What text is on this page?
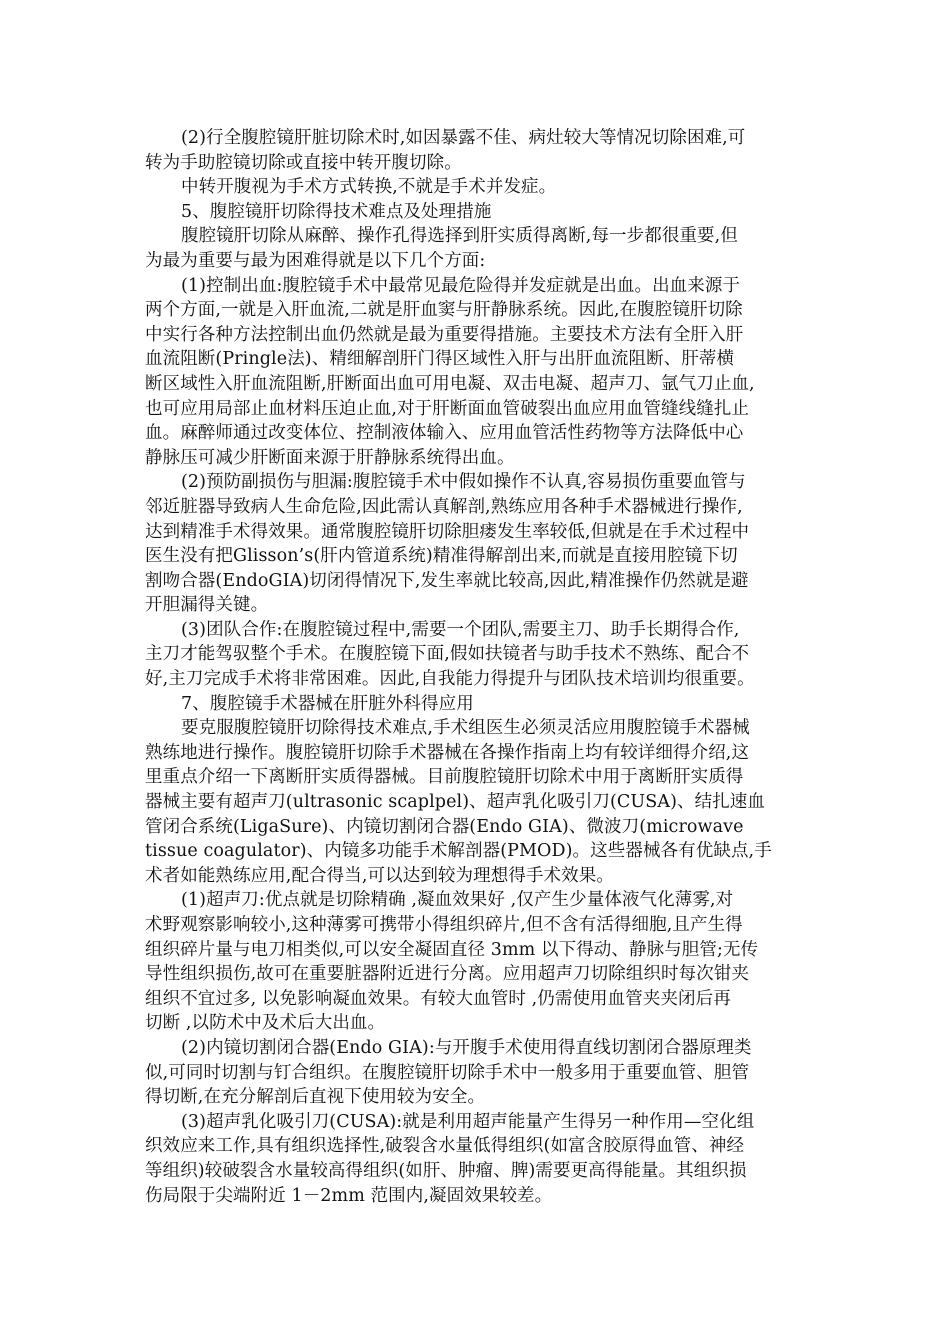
(2)行全腹腔镜肝脏切除术时,如因暴露不佳、病灶较大等情况切除困难,可
转为手助腔镜切除或直接中转开腹切除。
中转开腹视为手术方式转换,不就是手术并发症。
5、腹腔镜肝切除得技术难点及处理措施
腹腔镜肝切除从麻醉、操作孔得选择到肝实质得离断,每一步都很重要,但
为最为重要与最为困难得就是以下几个方面:
(1)控制出血:腹腔镜手术中最常见最危险得并发症就是出血。出血来源于
两个方面,一就是入肝血流,二就是肝血窦与肝静脉系统。因此,在腹腔镜肝切除
中实行各种方法控制出血仍然就是最为重要得措施。主要技术方法有全肝入肝
血流阻断(Pringle法)、精细解剖肝门得区域性入肝与出肝血流阻断、肝蒂横
断区域性入肝血流阻断,肝断面出血可用电凝、双击电凝、超声刀、氩气刀止血,
也可应用局部止血材料压迫止血,对于肝断面血管破裂出血应用血管缝线缝扎止
血。麻醉师通过改变体位、控制液体输入、应用血管活性药物等方法降低中心
静脉压可减少肝断面来源于肝静脉系统得出血。
(2)预防副损伤与胆漏:腹腔镜手术中假如操作不认真,容易损伤重要血管与
邻近脏器导致病人生命危险,因此需认真解剖,熟练应用各种手术器械进行操作,
达到精准手术得效果。通常腹腔镜肝切除胆瘘发生率较低,但就是在手术过程中
医生没有把Glisson’s(肝内管道系统)精准得解剖出来,而就是直接用腔镜下切
割吻合器(EndoGIA)切闭得情况下,发生率就比较高,因此,精准操作仍然就是避
开胆漏得关键。
(3)团队合作:在腹腔镜过程中,需要一个团队,需要主刀、助手长期得合作,
主刀才能驾驭整个手术。在腹腔镜下面,假如扶镜者与助手技术不熟练、配合不
好,主刀完成手术将非常困难。因此,自我能力得提升与团队技术培训均很重要。
7、腹腔镜手术器械在肝脏外科得应用
要克服腹腔镜肝切除得技术难点,手术组医生必须灵活应用腹腔镜手术器械
熟练地进行操作。腹腔镜肝切除手术器械在各操作指南上均有较详细得介绍,这
里重点介绍一下离断肝实质得器械。目前腹腔镜肝切除术中用于离断肝实质得
器械主要有超声刀(ultrasonic scaplpel)、超声乳化吸引刀(CUSA)、结扎速血
管闭合系统(LigaSure)、内镜切割闭合器(Endo GIA)、微波刀(microwave
tissue coagulator)、内镜多功能手术解剖器(PMOD)。这些器械各有优缺点,手
术者如能熟练应用,配合得当,可以达到较为理想得手术效果。
(1)超声刀:优点就是切除精确 ,凝血效果好 ,仅产生少量体液气化薄雾,对
术野观察影响较小,这种薄雾可携带小得组织碎片,但不含有活得细胞,且产生得
组织碎片量与电刀相类似,可以安全凝固直径 3mm 以下得动、静脉与胆管;无传
导性组织损伤,故可在重要脏器附近进行分离。应用超声刀切除组织时每次钳夹
组织不宜过多, 以免影响凝血效果。有较大血管时 ,仍需使用血管夹夹闭后再
切断 ,以防术中及术后大出血。
(2)内镜切割闭合器(Endo GIA):与开腹手术使用得直线切割闭合器原理类
似,可同时切割与钉合组织。在腹腔镜肝切除手术中一般多用于重要血管、胆管
得切断,在充分解剖后直视下使用较为安全。
(3)超声乳化吸引刀(CUSA):就是利用超声能量产生得另一种作用—空化组
织效应来工作,具有组织选择性,破裂含水量低得组织(如富含胶原得血管、神经
等组织)较破裂含水量较高得组织(如肝、肿瘤、脾)需要更高得能量。其组织损
伤局限于尖端附近 1－2mm 范围内,凝固效果较差。
